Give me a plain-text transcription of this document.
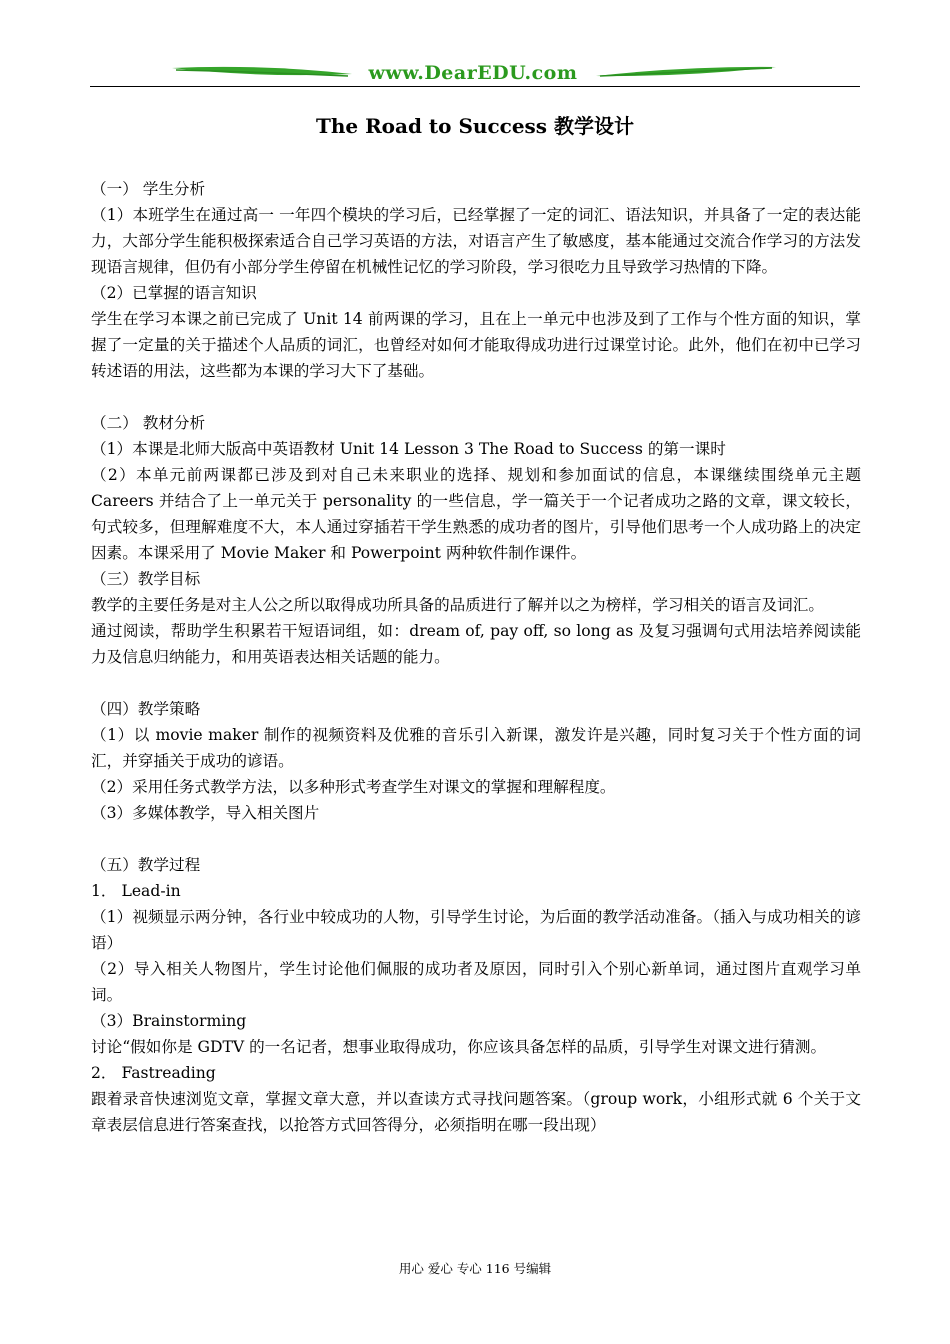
www.DearEDU.com
The Road to Success 教学设计

（一） 学生分析

（1）本班学生在通过高一 一年四个模块的学习后，已经掌握了一定的词汇、语法知识，并具备了一定的表达能力，大部分学生能积极探索适合自己学习英语的方法，对语言产生了敏感度，基本能通过交流合作学习的方法发现语言规律，但仍有小部分学生停留在机械性记忆的学习阶段，学习很吃力且导致学习热情的下降。

（2）已掌握的语言知识

学生在学习本课之前已完成了 Unit 14 前两课的学习，且在上一单元中也涉及到了工作与个性方面的知识，掌握了一定量的关于描述个人品质的词汇，也曾经对如何才能取得成功进行过课堂讨论。此外，他们在初中已学习转述语的用法，这些都为本课的学习大下了基础。

（二） 教材分析

（1）本课是北师大版高中英语教材 Unit 14 Lesson 3 The Road to Success 的第一课时

（2）本单元前两课都已涉及到对自己未来职业的选择、规划和参加面试的信息，本课继续围绕单元主题 Careers 并结合了上一单元关于 personality 的一些信息，学一篇关于一个记者成功之路的文章，课文较长，句式较多，但理解难度不大，本人通过穿插若干学生熟悉的成功者的图片，引导他们思考一个人成功路上的决定因素。本课采用了 Movie Maker 和 Powerpoint 两种软件制作课件。

（三）教学目标

教学的主要任务是对主人公之所以取得成功所具备的品质进行了解并以之为榜样，学习相关的语言及词汇。

通过阅读，帮助学生积累若干短语词组，如：dream of, pay off, so long as 及复习强调句式用法培养阅读能力及信息归纳能力，和用英语表达相关话题的能力。

（四）教学策略

（1）以 movie maker 制作的视频资料及优雅的音乐引入新课，激发许是兴趣，同时复习关于个性方面的词汇，并穿插关于成功的谚语。

（2）采用任务式教学方法，以多种形式考查学生对课文的掌握和理解程度。

（3）多媒体教学，导入相关图片

（五）教学过程

1． Lead-in

（1）视频显示两分钟，各行业中较成功的人物，引导学生讨论，为后面的教学活动准备。（插入与成功相关的谚语）

（2）导入相关人物图片，学生讨论他们佩服的成功者及原因，同时引入个别心新单词，通过图片直观学习单词。

（3）Brainstorming

讨论“假如你是 GDTV 的一名记者，想事业取得成功，你应该具备怎样的品质，引导学生对课文进行猜测。

2． Fastreading

跟着录音快速浏览文章，掌握文章大意，并以查读方式寻找问题答案。（group work，小组形式就 6 个关于文章表层信息进行答案查找，以抢答方式回答得分，必须指明在哪一段出现）

用心 爱心 专心 116 号编辑
